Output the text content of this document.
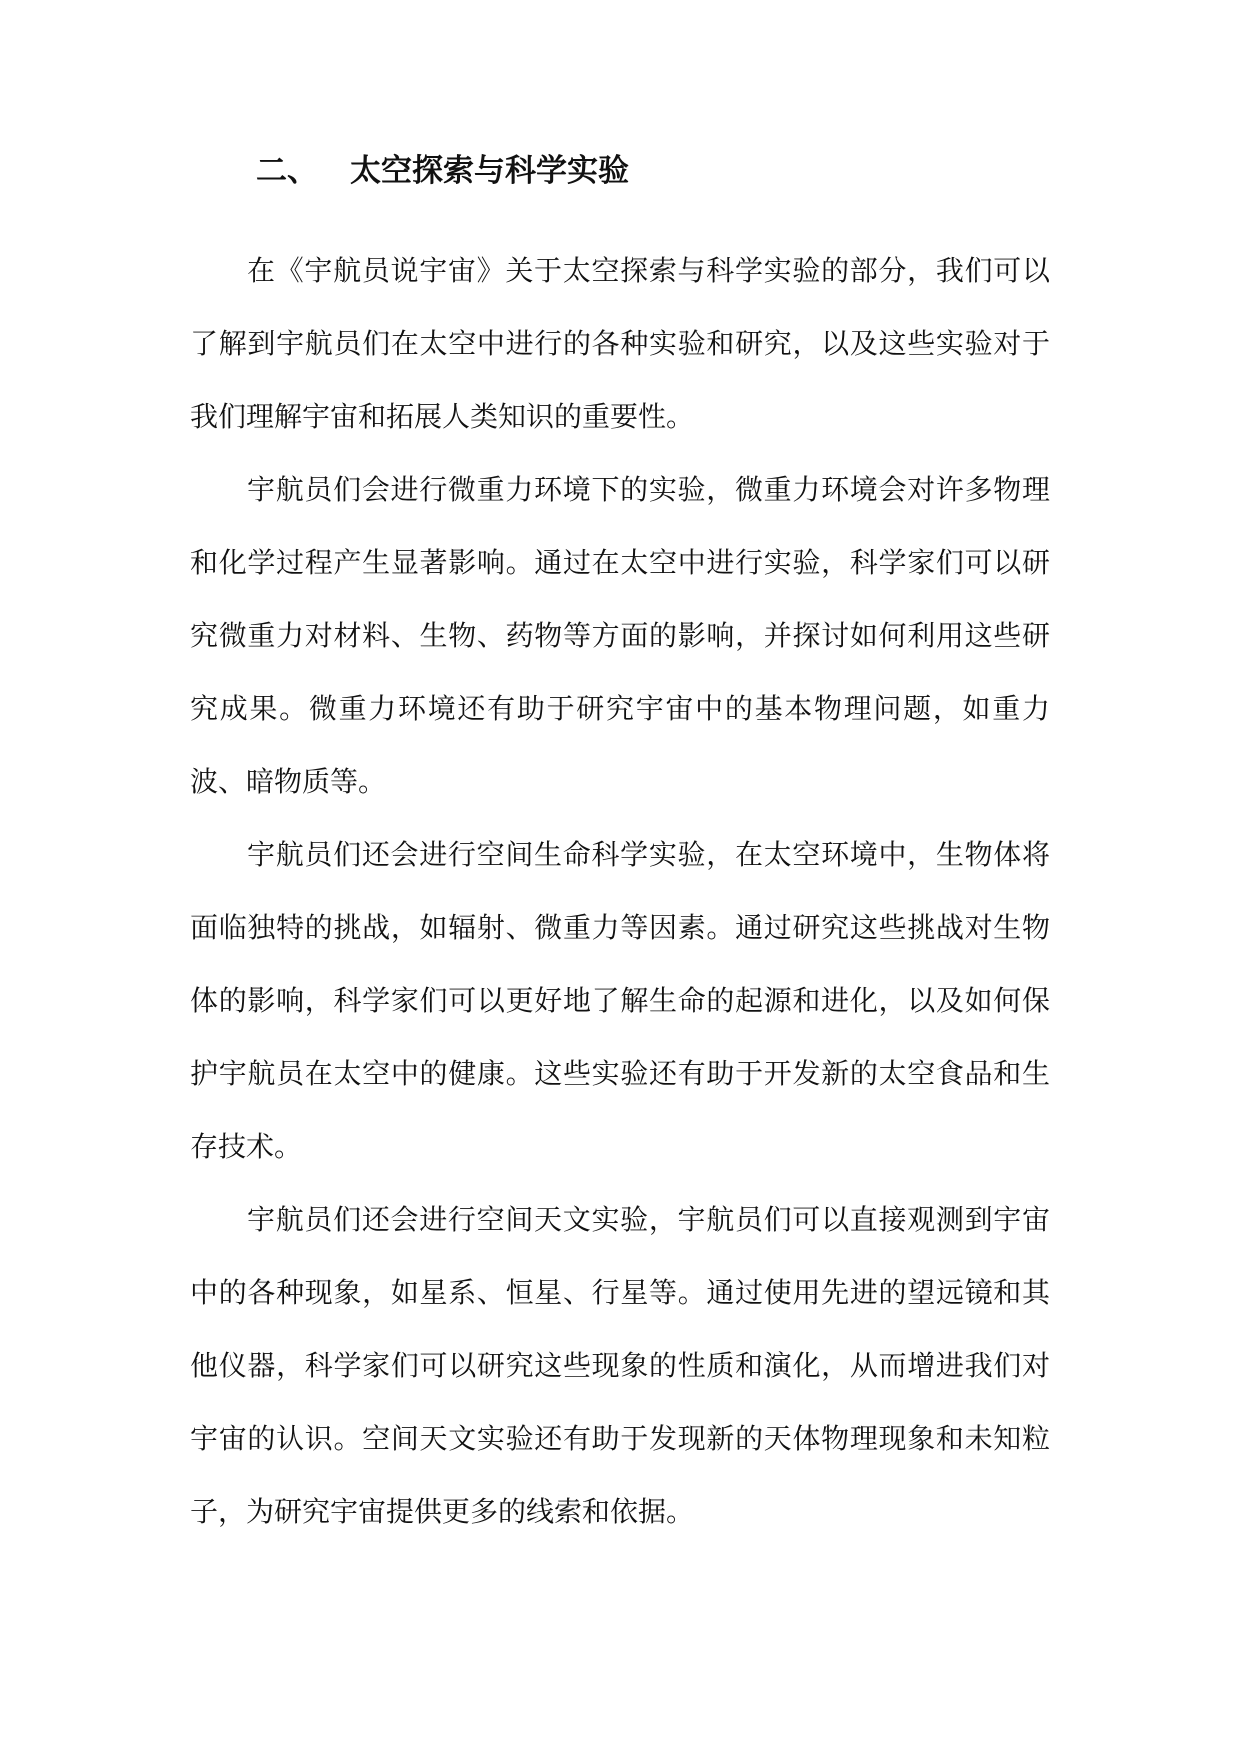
二、 太空探索与科学实验

在《宇航员说宇宙》关于太空探索与科学实验的部分，我们可以了解到宇航员们在太空中进行的各种实验和研究，以及这些实验对于我们理解宇宙和拓展人类知识的重要性。

宇航员们会进行微重力环境下的实验，微重力环境会对许多物理和化学过程产生显著影响。通过在太空中进行实验，科学家们可以研究微重力对材料、生物、药物等方面的影响，并探讨如何利用这些研究成果。微重力环境还有助于研究宇宙中的基本物理问题，如重力波、暗物质等。

宇航员们还会进行空间生命科学实验，在太空环境中，生物体将面临独特的挑战，如辐射、微重力等因素。通过研究这些挑战对生物体的影响，科学家们可以更好地了解生命的起源和进化，以及如何保护宇航员在太空中的健康。这些实验还有助于开发新的太空食品和生存技术。

宇航员们还会进行空间天文实验，宇航员们可以直接观测到宇宙中的各种现象，如星系、恒星、行星等。通过使用先进的望远镜和其他仪器，科学家们可以研究这些现象的性质和演化，从而增进我们对宇宙的认识。空间天文实验还有助于发现新的天体物理现象和未知粒子，为研究宇宙提供更多的线索和依据。
